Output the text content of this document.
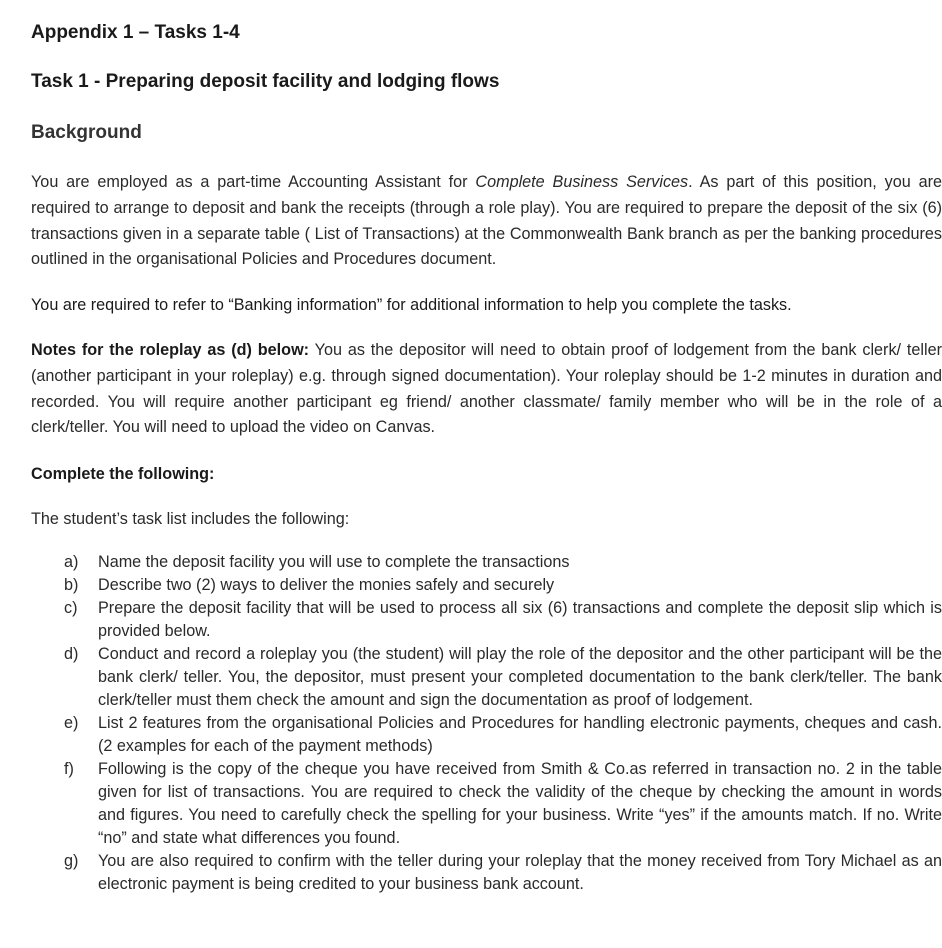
Appendix 1 – Tasks 1-4
Task 1 - Preparing deposit facility and lodging flows
Background

You are employed as a part-time Accounting Assistant for Complete Business Services. As part of this position, you are required to arrange to deposit and bank the receipts (through a role play). You are required to prepare the deposit of the six (6) transactions given in a separate table ( List of Transactions) at the Commonwealth Bank branch as per the banking procedures outlined in the organisational Policies and Procedures document.

You are required to refer to “Banking information” for additional information to help you complete the tasks.

Notes for the roleplay as (d) below: You as the depositor will need to obtain proof of lodgement from the bank clerk/ teller (another participant in your roleplay) e.g. through signed documentation). Your roleplay should be 1-2 minutes in duration and recorded. You will require another participant eg friend/ another classmate/ family member who will be in the role of a clerk/teller. You will need to upload the video on Canvas.

Complete the following:

The student’s task list includes the following:

a)	Name the deposit facility you will use to complete the transactions
b)	Describe two (2) ways to deliver the monies safely and securely
c)	Prepare the deposit facility that will be used to process all six (6) transactions and complete the deposit slip which is provided below.
d)	Conduct and record a roleplay you (the student) will play the role of the depositor and the other participant will be the bank clerk/ teller. You, the depositor, must present your completed documentation to the bank clerk/teller. The bank clerk/teller must them check the amount and sign the documentation as proof of lodgement.
e)	List 2 features from the organisational Policies and Procedures for handling electronic payments, cheques and cash. (2 examples for each of the payment methods)
f)	Following is the copy of the cheque you have received from Smith & Co.as referred in transaction no. 2 in the table given for list of transactions. You are required to check the validity of the cheque by checking the amount in words and figures. You need to carefully check the spelling for your business. Write “yes” if the amounts match. If no. Write “no” and state what differences you found.
g)	You are also required to confirm with the teller during your roleplay that the money received from Tory Michael as an electronic payment is being credited to your business bank account.
